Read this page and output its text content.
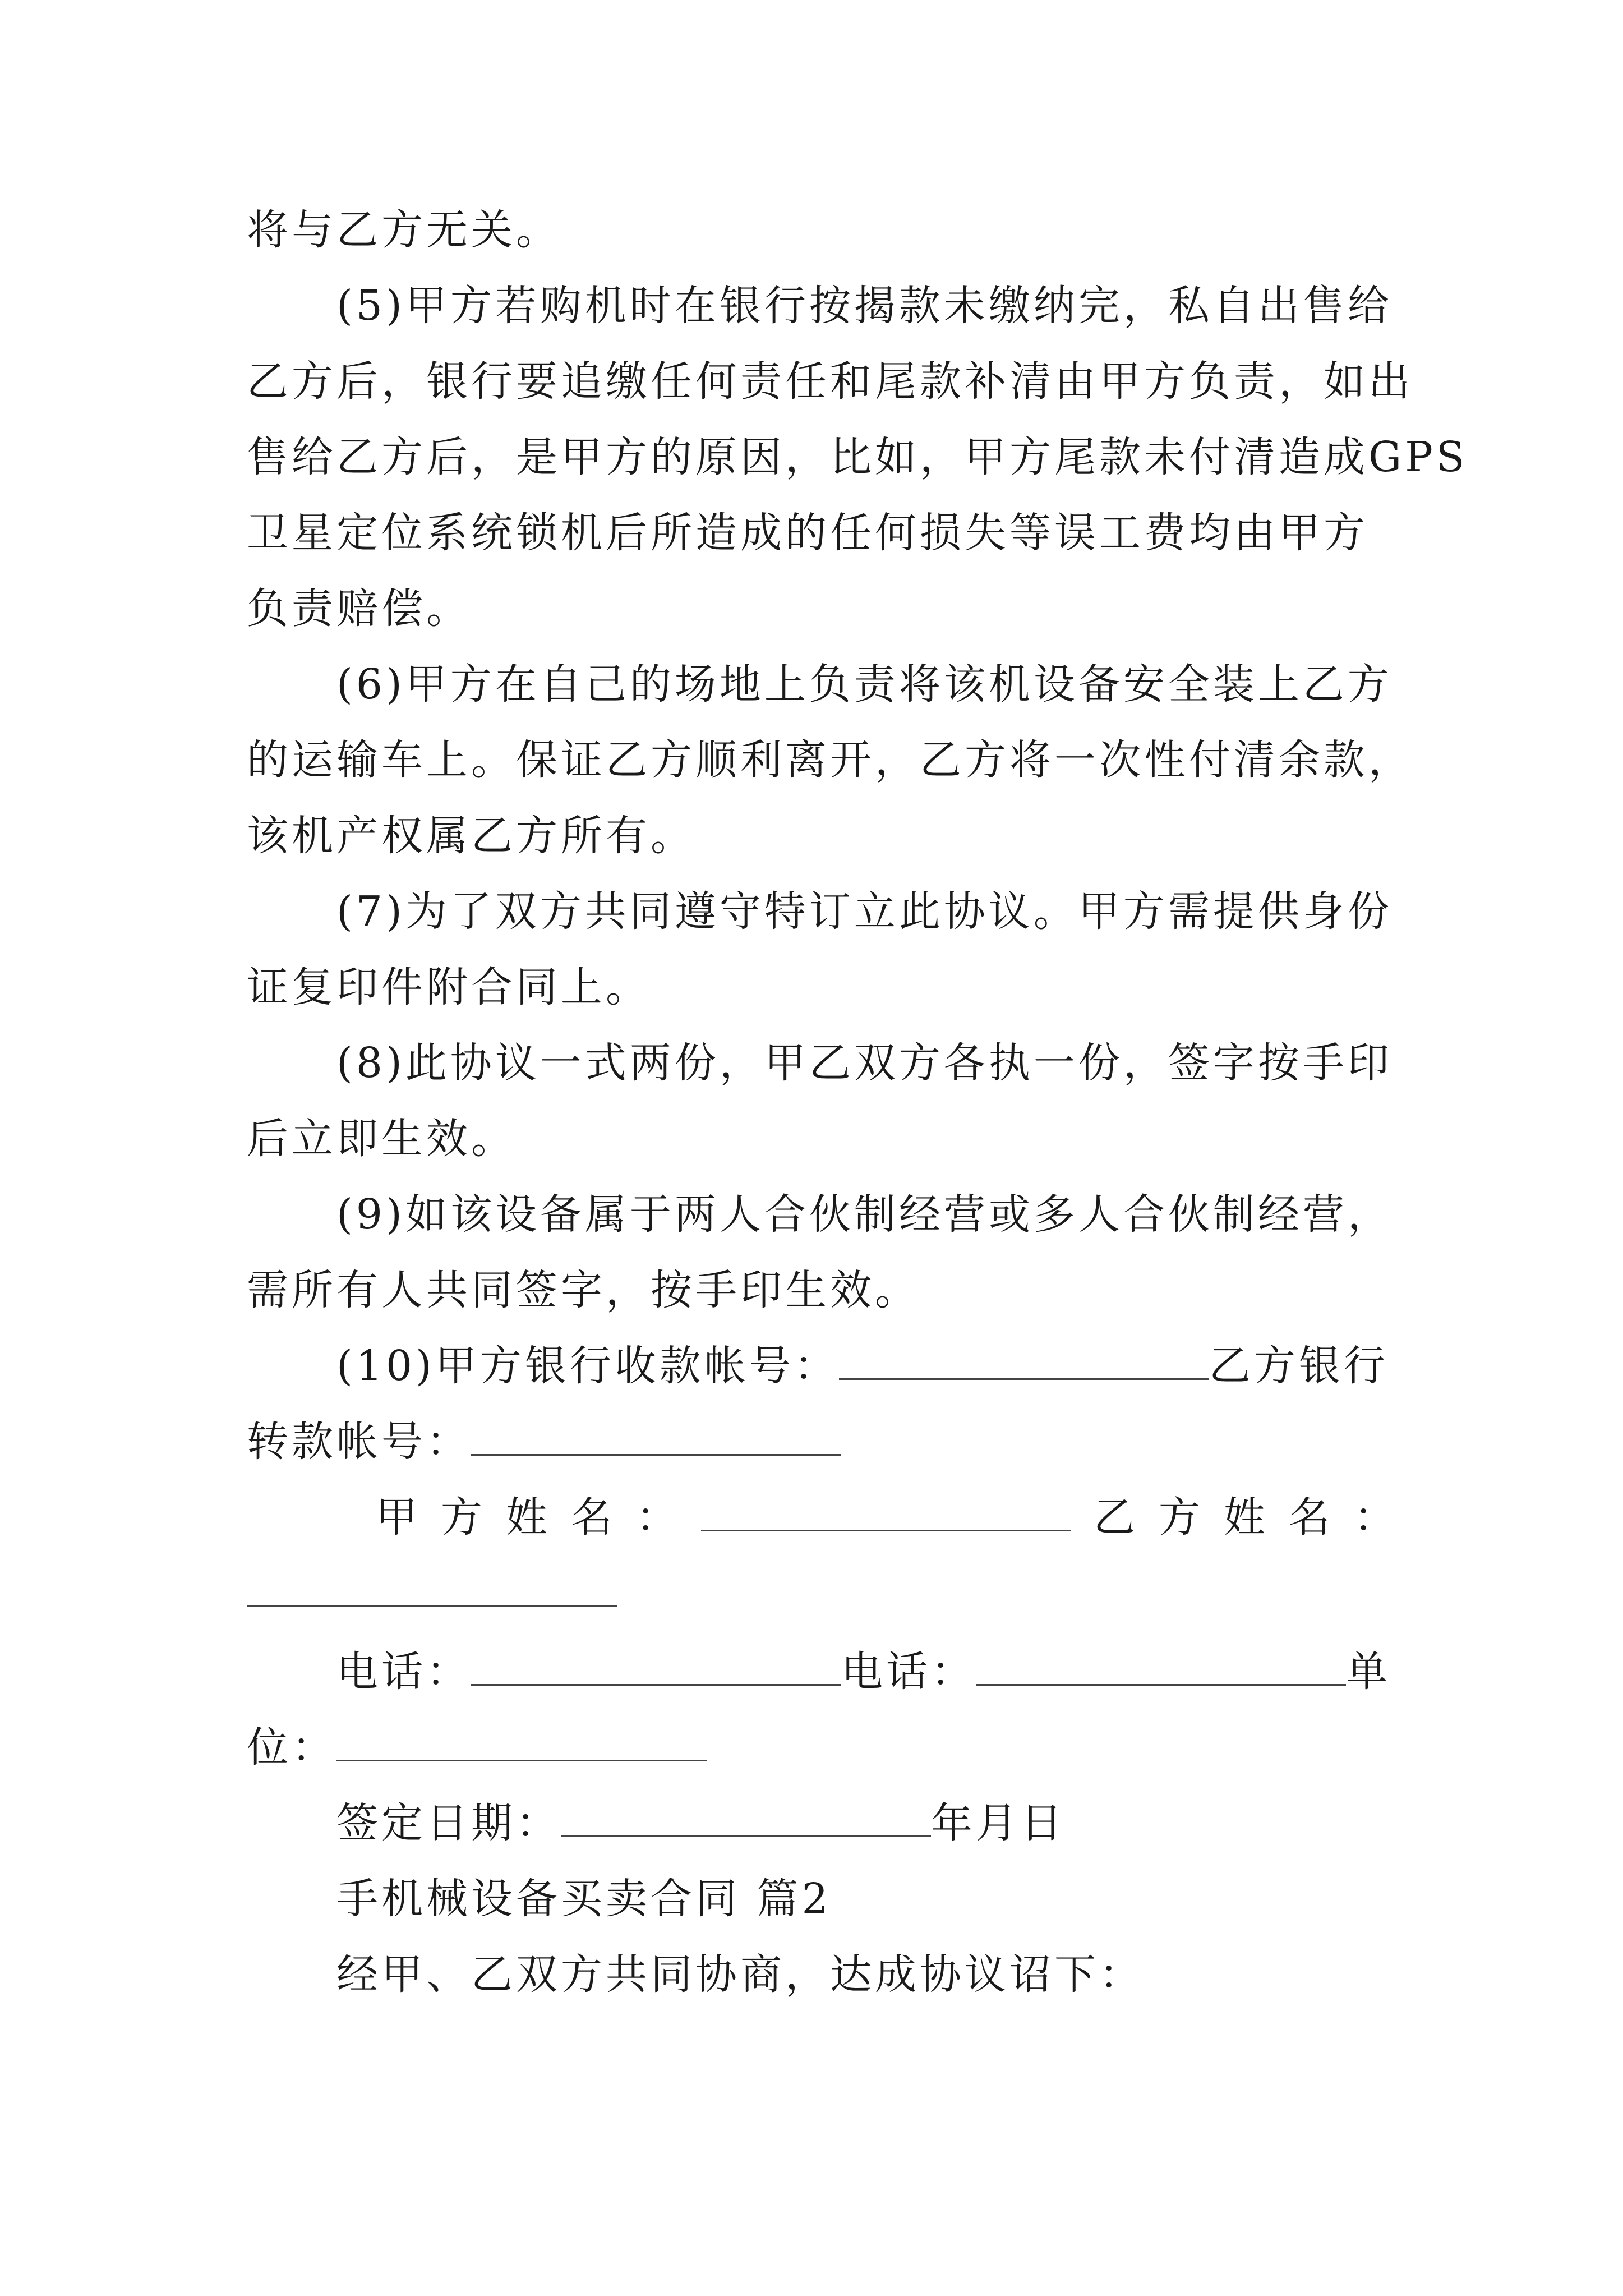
将与乙方无关。
(5)甲方若购机时在银行按揭款未缴纳完，私自出售给
乙方后，银行要追缴任何责任和尾款补清由甲方负责，如出
售给乙方后，是甲方的原因，比如，甲方尾款未付清造成GPS
卫星定位系统锁机后所造成的任何损失等误工费均由甲方
负责赔偿。
(6)甲方在自己的场地上负责将该机设备安全装上乙方
的运输车上。保证乙方顺利离开，乙方将一次性付清余款，
该机产权属乙方所有。
(7)为了双方共同遵守特订立此协议。甲方需提供身份
证复印件附合同上。
(8)此协议一式两份，甲乙双方各执一份，签字按手印
后立即生效。
(9)如该设备属于两人合伙制经营或多人合伙制经营，
需所有人共同签字，按手印生效。
(10)甲方银行收款帐号：	乙方银行
转款帐号：
甲方姓名：	乙方姓名：
电话：	电话：	单
位：
签定日期：	年月日
手机械设备买卖合同 篇2
经甲、乙双方共同协商，达成协议诏下：
